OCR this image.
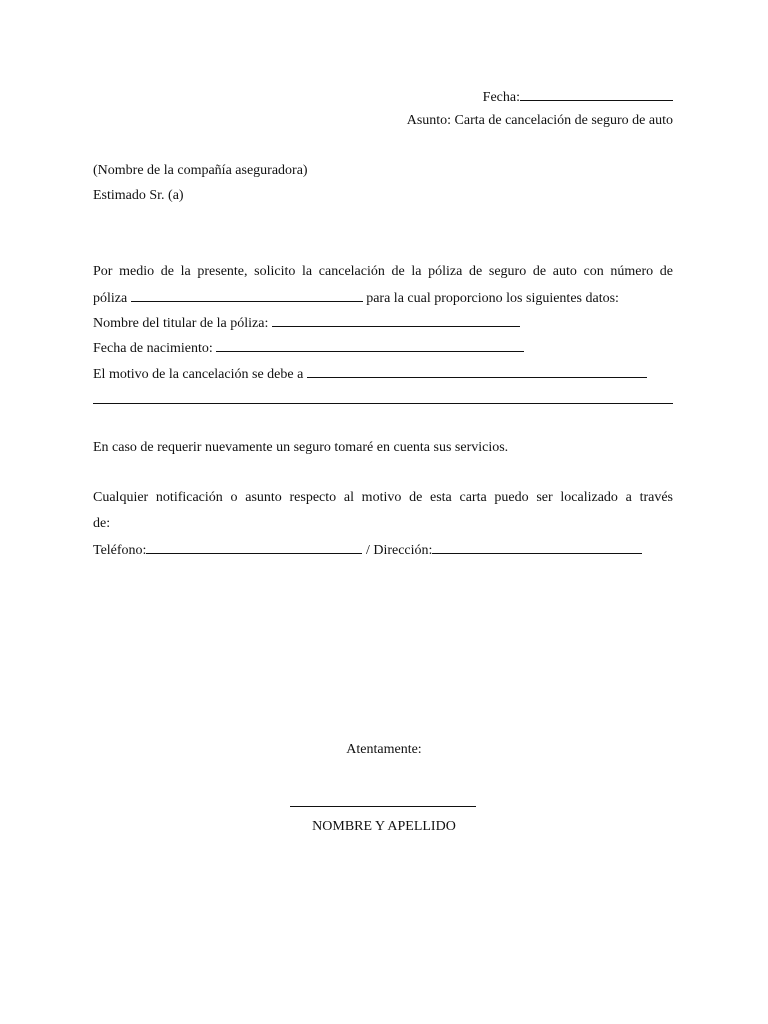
Fecha:
Asunto: Carta de cancelación de seguro de auto
(Nombre de la compañía aseguradora)
Estimado Sr. (a)
Por medio de la presente, solicito la cancelación de la póliza de seguro de auto con número de
póliza	para la cual proporciono los siguientes datos:
Nombre del titular de la póliza:
Fecha de nacimiento:
El motivo de la cancelación se debe a
En caso de requerir nuevamente un seguro tomaré en cuenta sus servicios.
Cualquier notificación o asunto respecto al motivo de esta carta puedo ser localizado a través
de:
Teléfono:	/ Dirección:
Atentamente:
NOMBRE Y APELLIDO
